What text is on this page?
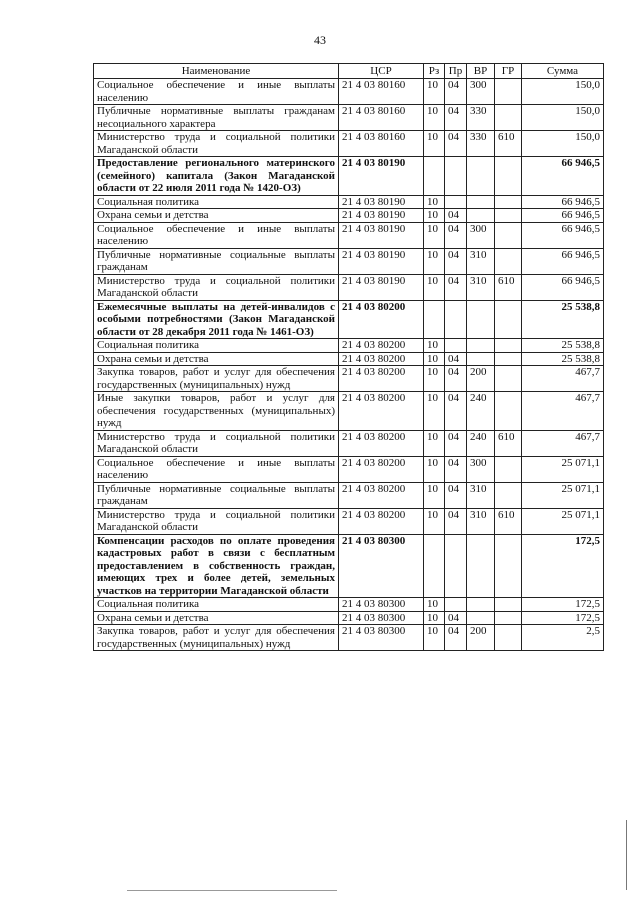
43
Наименование	ЦСР	Рз	Пр	ВР	ГР	Сумма
Социальное обеспечение и иные выплаты населению	21 4 03 80160	10	04	300		150,0
Публичные нормативные выплаты гражданам несоциального характера	21 4 03 80160	10	04	330		150,0
Министерство труда и социальной политики Магаданской области	21 4 03 80160	10	04	330	610	150,0
Предоставление регионального материнского (семейного) капитала (Закон Магаданской области от 22 июля 2011 года № 1420-ОЗ)	21 4 03 80190					66 946,5
Социальная политика	21 4 03 80190	10				66 946,5
Охрана семьи и детства	21 4 03 80190	10	04			66 946,5
Социальное обеспечение и иные выплаты населению	21 4 03 80190	10	04	300		66 946,5
Публичные нормативные социальные выплаты гражданам	21 4 03 80190	10	04	310		66 946,5
Министерство труда и социальной политики Магаданской области	21 4 03 80190	10	04	310	610	66 946,5
Ежемесячные выплаты на детей-инвалидов с особыми потребностями (Закон Магаданской области от 28 декабря 2011 года № 1461-ОЗ)	21 4 03 80200					25 538,8
Социальная политика	21 4 03 80200	10				25 538,8
Охрана семьи и детства	21 4 03 80200	10	04			25 538,8
Закупка товаров, работ и услуг для обеспечения государственных (муниципальных) нужд	21 4 03 80200	10	04	200		467,7
Иные закупки товаров, работ и услуг для обеспечения государственных (муниципальных) нужд	21 4 03 80200	10	04	240		467,7
Министерство труда и социальной политики Магаданской области	21 4 03 80200	10	04	240	610	467,7
Социальное обеспечение и иные выплаты населению	21 4 03 80200	10	04	300		25 071,1
Публичные нормативные социальные выплаты гражданам	21 4 03 80200	10	04	310		25 071,1
Министерство труда и социальной политики Магаданской области	21 4 03 80200	10	04	310	610	25 071,1
Компенсации расходов по оплате проведения кадастровых работ в связи с бесплатным предоставлением в собственность граждан, имеющих трех и более детей, земельных участков на территории Магаданской области	21 4 03 80300					172,5
Социальная политика	21 4 03 80300	10				172,5
Охрана семьи и детства	21 4 03 80300	10	04			172,5
Закупка товаров, работ и услуг для обеспечения государственных (муниципальных) нужд	21 4 03 80300	10	04	200		2,5
